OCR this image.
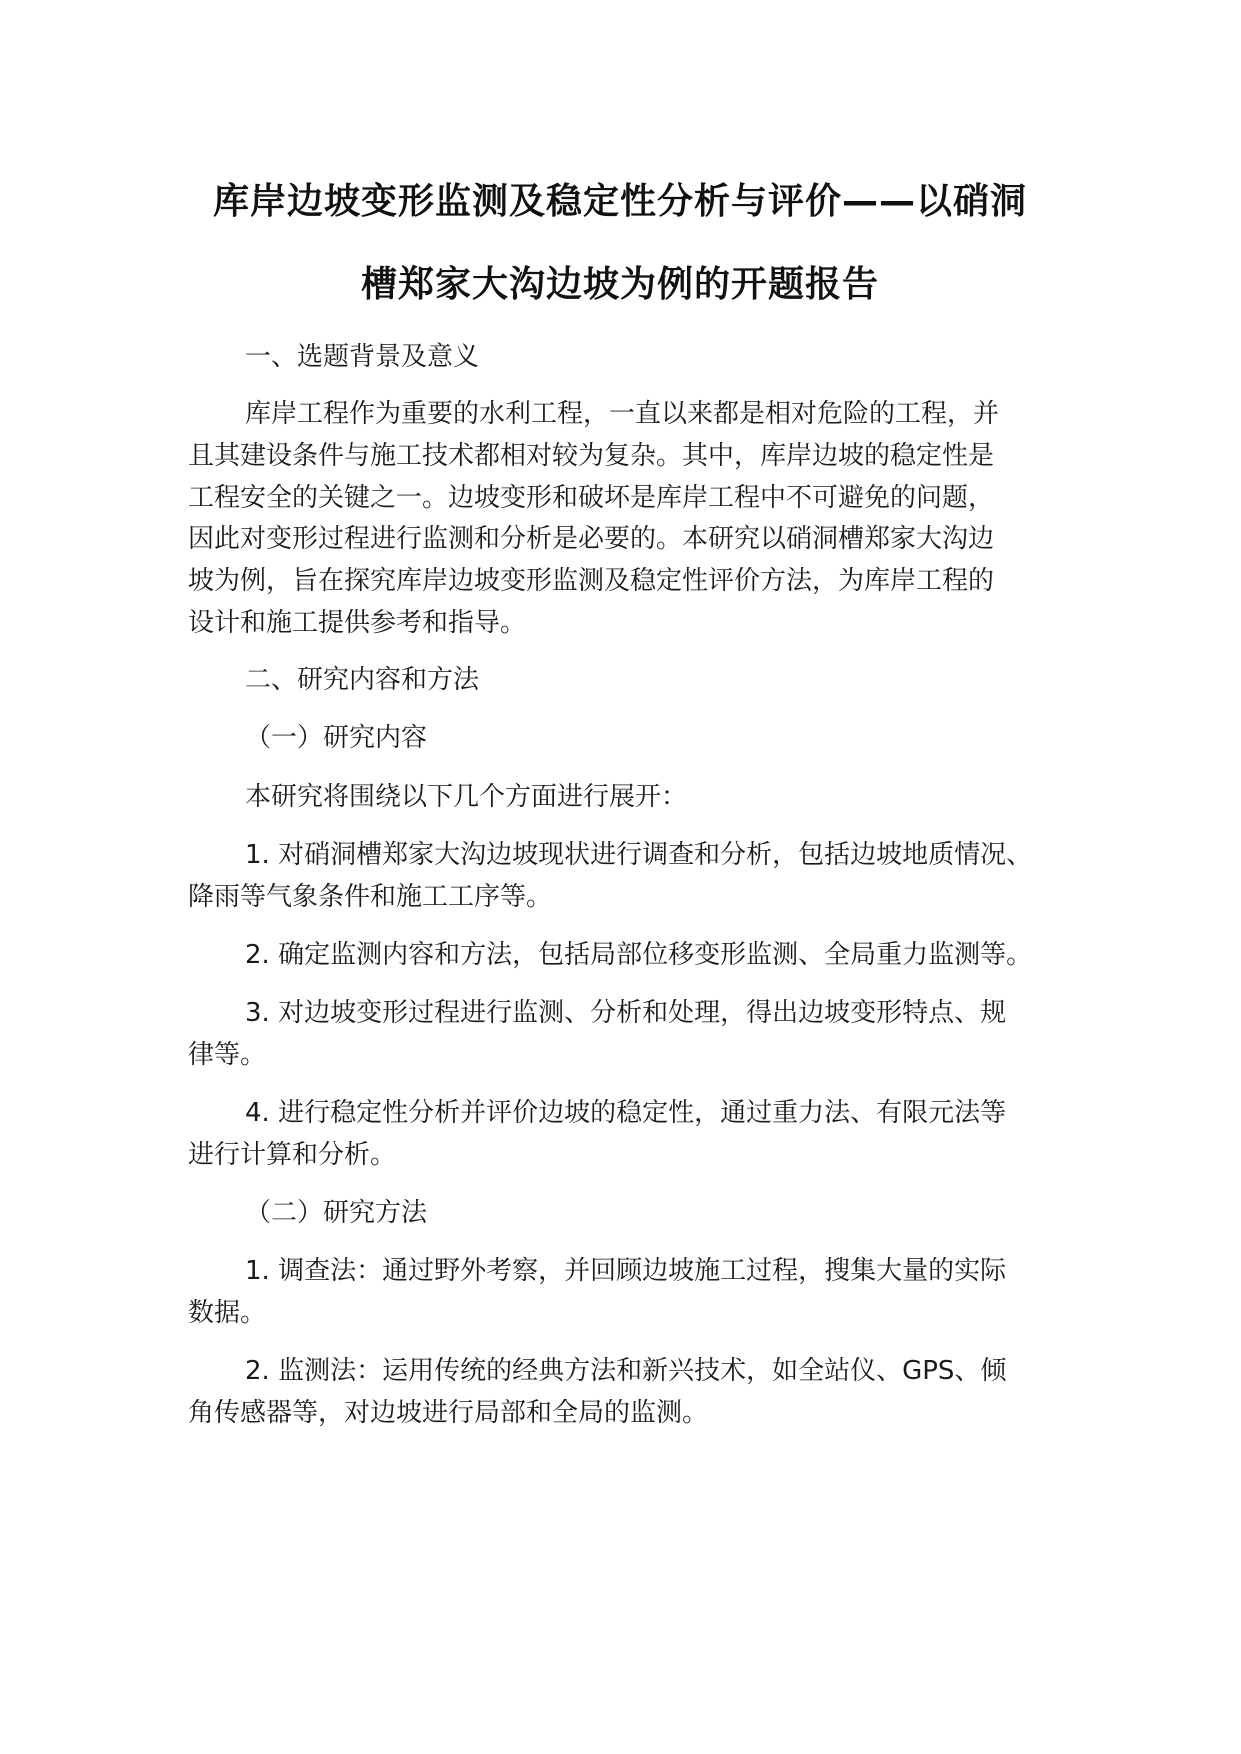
库岸边坡变形监测及稳定性分析与评价——以硝洞
槽郑家大沟边坡为例的开题报告
一、选题背景及意义
库岸工程作为重要的水利工程，一直以来都是相对危险的工程，并
且其建设条件与施工技术都相对较为复杂。其中，库岸边坡的稳定性是
工程安全的关键之一。边坡变形和破坏是库岸工程中不可避免的问题，
因此对变形过程进行监测和分析是必要的。本研究以硝洞槽郑家大沟边
坡为例，旨在探究库岸边坡变形监测及稳定性评价方法，为库岸工程的
设计和施工提供参考和指导。
二、研究内容和方法
（一）研究内容
本研究将围绕以下几个方面进行展开：
1. 对硝洞槽郑家大沟边坡现状进行调查和分析，包括边坡地质情况、
降雨等气象条件和施工工序等。
2. 确定监测内容和方法，包括局部位移变形监测、全局重力监测等。
3. 对边坡变形过程进行监测、分析和处理，得出边坡变形特点、规
律等。
4. 进行稳定性分析并评价边坡的稳定性，通过重力法、有限元法等
进行计算和分析。
（二）研究方法
1. 调查法：通过野外考察，并回顾边坡施工过程，搜集大量的实际
数据。
2. 监测法：运用传统的经典方法和新兴技术，如全站仪、GPS、倾
角传感器等，对边坡进行局部和全局的监测。
